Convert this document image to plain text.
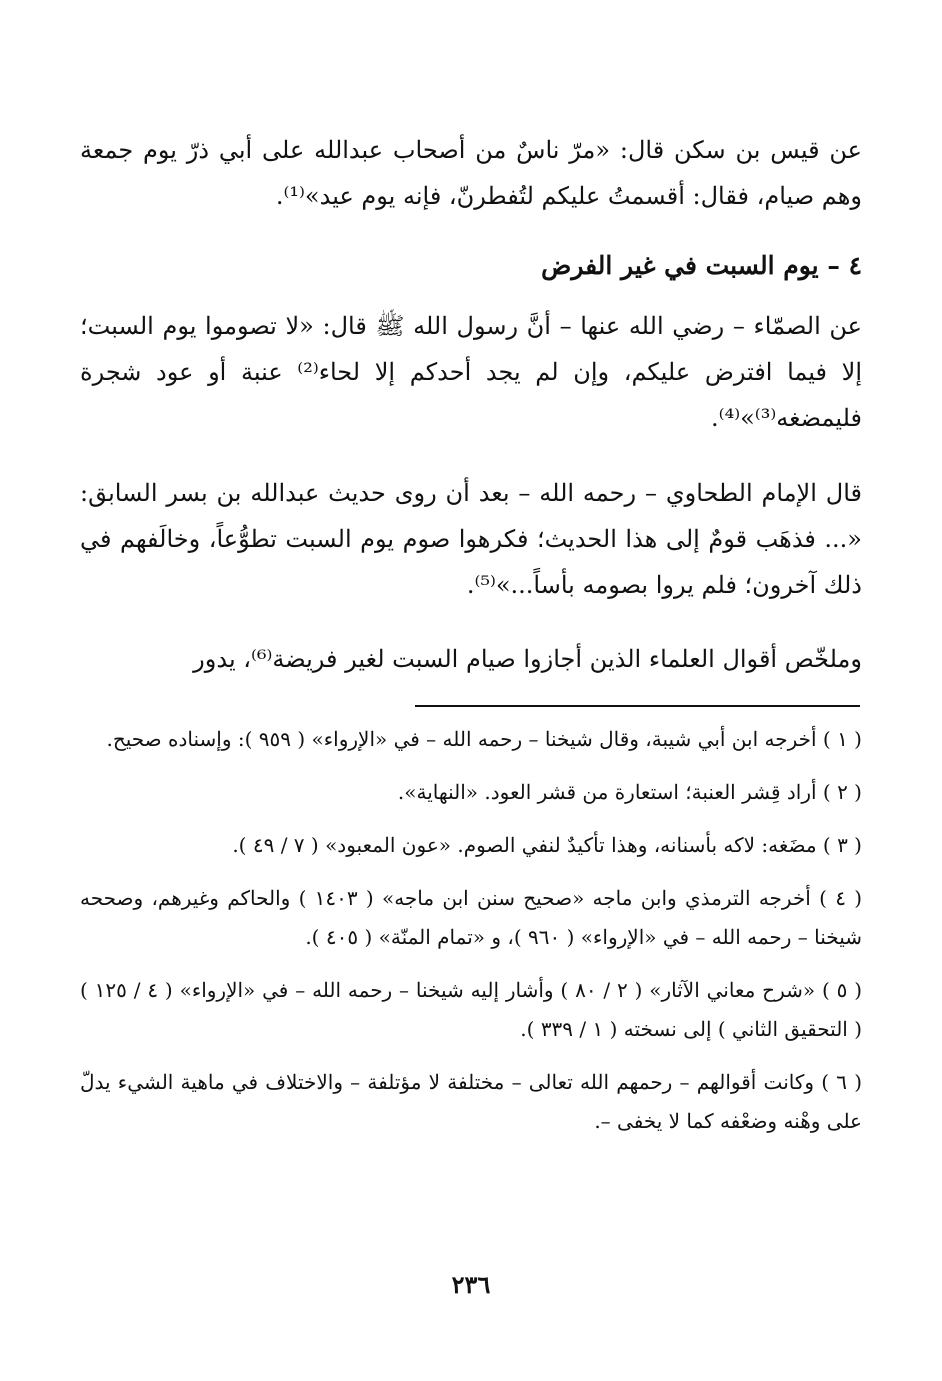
عن قيس بن سكن قال: «مرّ ناسٌ من أصحاب عبدالله على أبي ذرّ يوم جمعة وهم صيام، فقال: أقسمتُ عليكم لتُفطرنّ، فإنه يوم عيد»⁽¹⁾.

٤ – يوم السبت في غير الفرض

عن الصمّاء – رضي الله عنها – أنَّ رسول الله ﷺ قال: «لا تصوموا يوم السبت؛ إلا فيما افترض عليكم، وإن لم يجد أحدكم إلا لحاء⁽²⁾ عنبة أو عود شجرة فليمضغه⁽³⁾»⁽⁴⁾.

قال الإمام الطحاوي – رحمه الله – بعد أن روى حديث عبدالله بن بسر السابق: «... فذهَب قومٌ إلى هذا الحديث؛ فكرهوا صوم يوم السبت تطوُّعاً، وخالَفهم في ذلك آخرون؛ فلم يروا بصومه بأساً...»⁽⁵⁾.

وملخّص أقوال العلماء الذين أجازوا صيام السبت لغير فريضة⁽⁶⁾، يدور

( ١ ) أخرجه ابن أبي شيبة، وقال شيخنا – رحمه الله – في «الإرواء» ( ٩٥٩ ): وإسناده صحيح.

( ٢ ) أراد قِشر العنبة؛ استعارة من قشر العود. «النهاية».

( ٣ ) مضَغه: لاكه بأسنانه، وهذا تأكيدٌ لنفي الصوم. «عون المعبود» ( ٧ / ٤٩ ).

( ٤ ) أخرجه الترمذي وابن ماجه «صحيح سنن ابن ماجه» ( ١٤٠٣ ) والحاكم وغيرهم، وصححه شيخنا – رحمه الله – في «الإرواء» ( ٩٦٠ )، و «تمام المنّة» ( ٤٠٥ ).

( ٥ ) «شرح معاني الآثار» ( ٢ / ٨٠ ) وأشار إليه شيخنا – رحمه الله – في «الإرواء» ( ٤ / ١٢٥ ) ( التحقيق الثاني ) إلى نسخته ( ١ / ٣٣٩ ).

( ٦ ) وكانت أقوالهم – رحمهم الله تعالى – مختلفة لا مؤتلفة – والاختلاف في ماهية الشيء يدلّ على وهْنه وضعْفه كما لا يخفى –.

٢٣٦
